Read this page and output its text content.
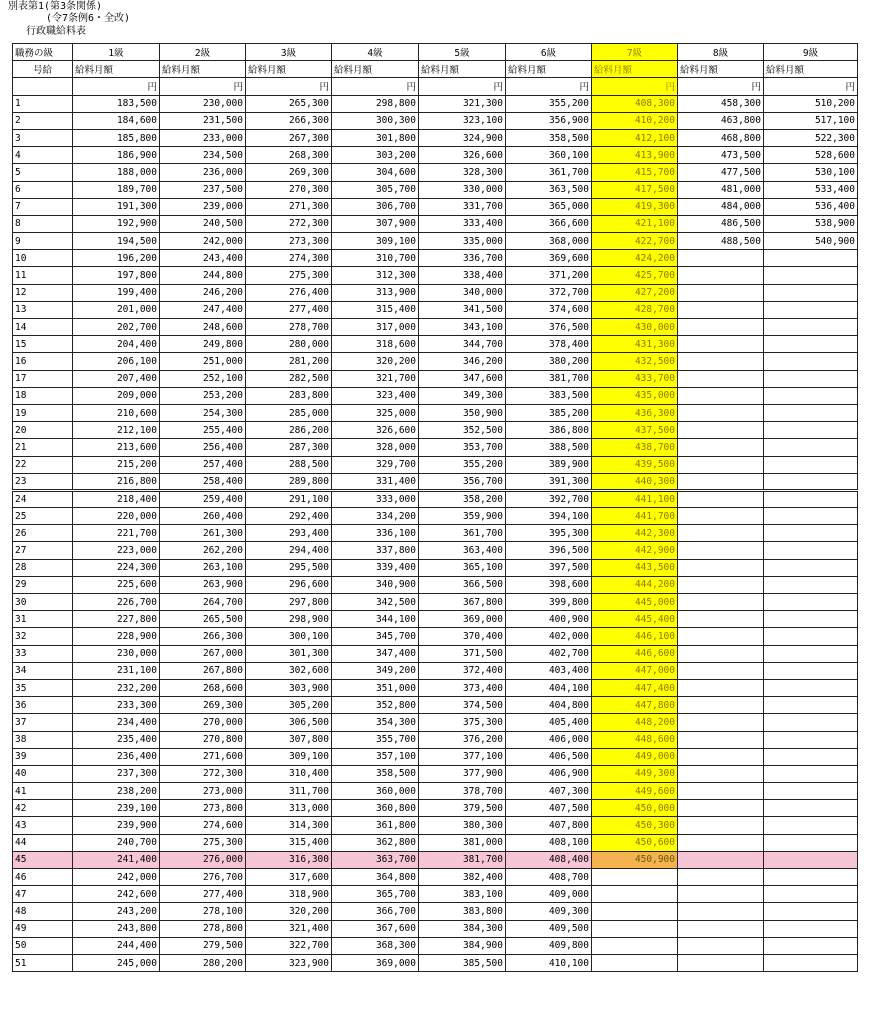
別表第1(第3条関係)
(令7条例6・全改)
行政職給料表
職務の級	1級	2級	3級	4級	5級	6級	7級	8級	9級
号給	給料月額	給料月額	給料月額	給料月額	給料月額	給料月額	給料月額	給料月額	給料月額
	円	円	円	円	円	円	円	円	円
1	183,500	230,000	265,300	298,800	321,300	355,200	408,300	458,300	510,200
2	184,600	231,500	266,300	300,300	323,100	356,900	410,200	463,800	517,100
3	185,800	233,000	267,300	301,800	324,900	358,500	412,100	468,800	522,300
4	186,900	234,500	268,300	303,200	326,600	360,100	413,900	473,500	528,600
5	188,000	236,000	269,300	304,600	328,300	361,700	415,700	477,500	530,100
6	189,700	237,500	270,300	305,700	330,000	363,500	417,500	481,000	533,400
7	191,300	239,000	271,300	306,700	331,700	365,000	419,300	484,000	536,400
8	192,900	240,500	272,300	307,900	333,400	366,600	421,100	486,500	538,900
9	194,500	242,000	273,300	309,100	335,000	368,000	422,700	488,500	540,900
10	196,200	243,400	274,300	310,700	336,700	369,600	424,200		
11	197,800	244,800	275,300	312,300	338,400	371,200	425,700		
12	199,400	246,200	276,400	313,900	340,000	372,700	427,200		
13	201,000	247,400	277,400	315,400	341,500	374,600	428,700		
14	202,700	248,600	278,700	317,000	343,100	376,500	430,000		
15	204,400	249,800	280,000	318,600	344,700	378,400	431,300		
16	206,100	251,000	281,200	320,200	346,200	380,200	432,500		
17	207,400	252,100	282,500	321,700	347,600	381,700	433,700		
18	209,000	253,200	283,800	323,400	349,300	383,500	435,000		
19	210,600	254,300	285,000	325,000	350,900	385,200	436,300		
20	212,100	255,400	286,200	326,600	352,500	386,800	437,500		
21	213,600	256,400	287,300	328,000	353,700	388,500	438,700		
22	215,200	257,400	288,500	329,700	355,200	389,900	439,500		
23	216,800	258,400	289,800	331,400	356,700	391,300	440,300		
24	218,400	259,400	291,100	333,000	358,200	392,700	441,100		
25	220,000	260,400	292,400	334,200	359,900	394,100	441,700		
26	221,700	261,300	293,400	336,100	361,700	395,300	442,300		
27	223,000	262,200	294,400	337,800	363,400	396,500	442,900		
28	224,300	263,100	295,500	339,400	365,100	397,500	443,500		
29	225,600	263,900	296,600	340,900	366,500	398,600	444,200		
30	226,700	264,700	297,800	342,500	367,800	399,800	445,000		
31	227,800	265,500	298,900	344,100	369,000	400,900	445,400		
32	228,900	266,300	300,100	345,700	370,400	402,000	446,100		
33	230,000	267,000	301,300	347,400	371,500	402,700	446,600		
34	231,100	267,800	302,600	349,200	372,400	403,400	447,000		
35	232,200	268,600	303,900	351,000	373,400	404,100	447,400		
36	233,300	269,300	305,200	352,800	374,500	404,800	447,800		
37	234,400	270,000	306,500	354,300	375,300	405,400	448,200		
38	235,400	270,800	307,800	355,700	376,200	406,000	448,600		
39	236,400	271,600	309,100	357,100	377,100	406,500	449,000		
40	237,300	272,300	310,400	358,500	377,900	406,900	449,300		
41	238,200	273,000	311,700	360,000	378,700	407,300	449,600		
42	239,100	273,800	313,000	360,800	379,500	407,500	450,000		
43	239,900	274,600	314,300	361,800	380,300	407,800	450,300		
44	240,700	275,300	315,400	362,800	381,000	408,100	450,600		
45	241,400	276,000	316,300	363,700	381,700	408,400	450,900		
46	242,000	276,700	317,600	364,800	382,400	408,700			
47	242,600	277,400	318,900	365,700	383,100	409,000			
48	243,200	278,100	320,200	366,700	383,800	409,300			
49	243,800	278,800	321,400	367,600	384,300	409,500			
50	244,400	279,500	322,700	368,300	384,900	409,800			
51	245,000	280,200	323,900	369,000	385,500	410,100			
